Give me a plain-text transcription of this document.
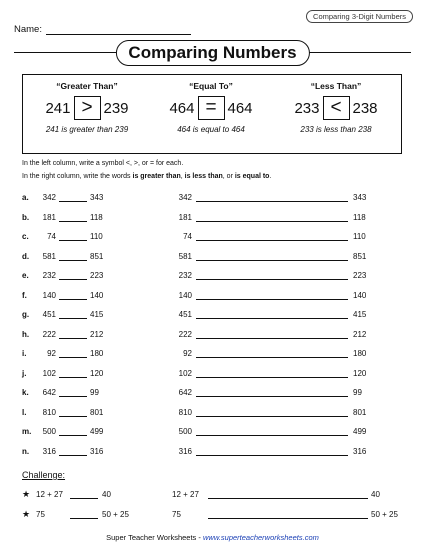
Comparing 3-Digit Numbers
Name:
Comparing Numbers
“Greater Than”
241 > 239
241 is greater than 239
“Equal To”
464 = 464
464 is equal to 464
“Less Than”
233 < 238
233 is less than 238
In the left column, write a symbol <, >, or = for each.
In the right column, write the words is greater than, is less than, or is equal to.
a.	342	343	342	343
b.	181	118	181	118
c.	74	110	74	110
d.	581	851	581	851
e.	232	223	232	223
f.	140	140	140	140
g.	451	415	451	415
h.	222	212	222	212
i.	92	180	92	180
j.	102	120	102	120
k.	642	99	642	99
l.	810	801	810	801
m.	500	499	500	499
n.	316	316	316	316
Challenge:
★ 12 + 27	40	12 + 27	40
★ 75	50 + 25	75	50 + 25
Super Teacher Worksheets - www.superteacherworksheets.com
